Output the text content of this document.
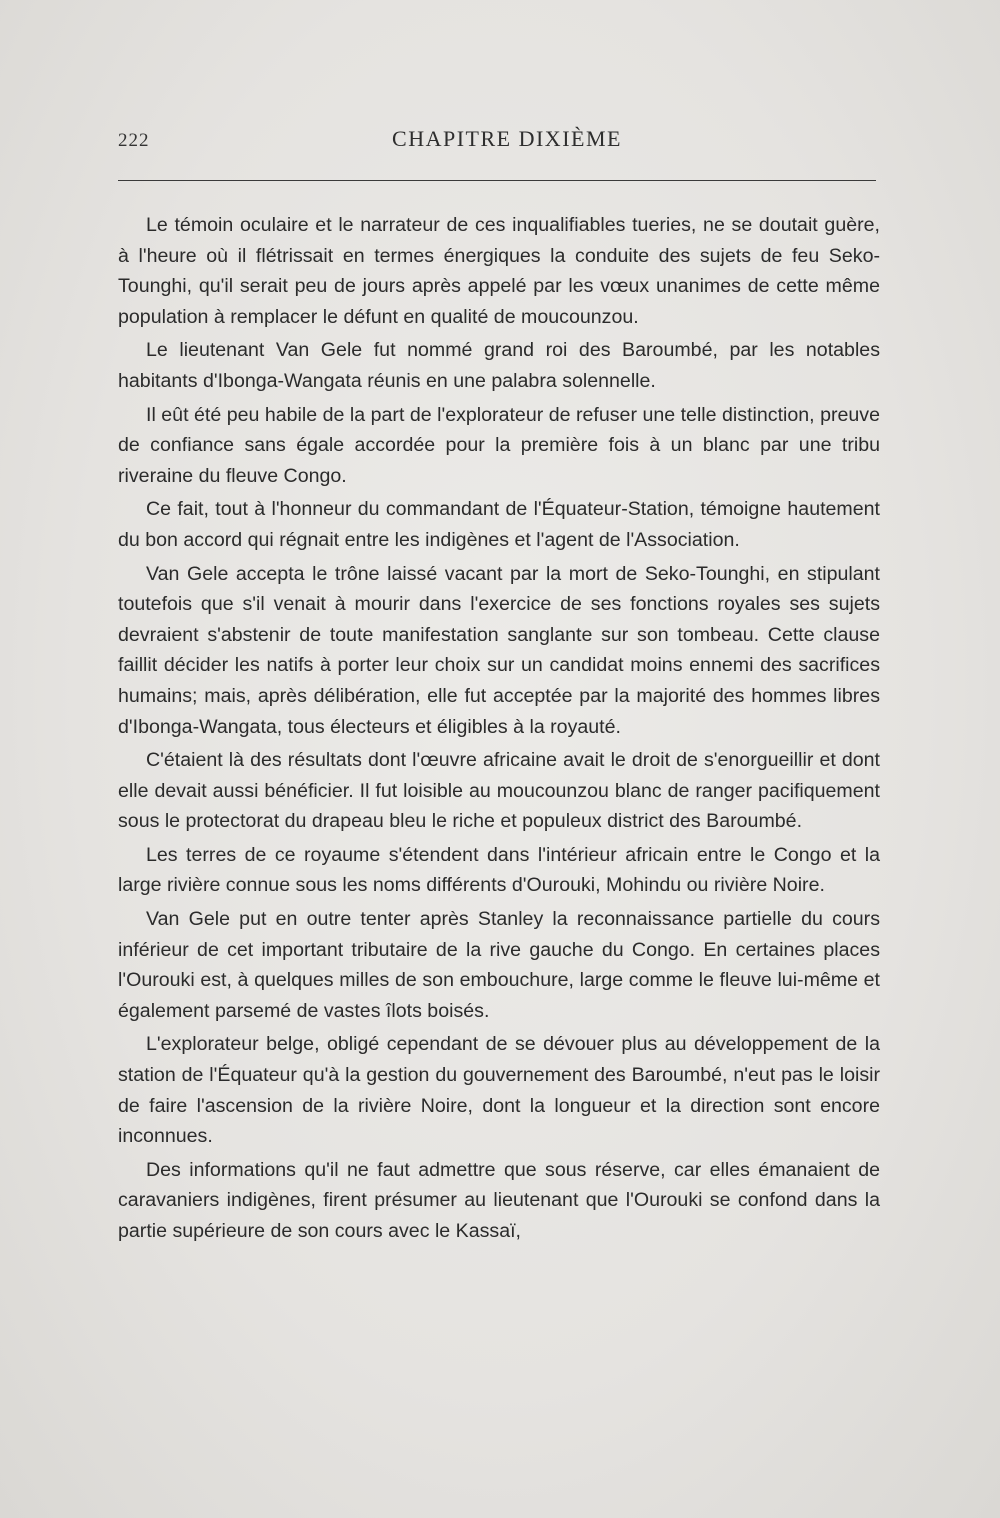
222	CHAPITRE DIXIÈME

Le témoin oculaire et le narrateur de ces inqualifiables tueries, ne se doutait guère, à l'heure où il flétrissait en termes énergiques la conduite des sujets de feu Seko-Tounghi, qu'il serait peu de jours après appelé par les vœux unanimes de cette même population à remplacer le défunt en qualité de moucounzou.

Le lieutenant Van Gele fut nommé grand roi des Baroumbé, par les notables habitants d'Ibonga-Wangata réunis en une palabra solennelle.

Il eût été peu habile de la part de l'explorateur de refuser une telle distinction, preuve de confiance sans égale accordée pour la première fois à un blanc par une tribu riveraine du fleuve Congo.

Ce fait, tout à l'honneur du commandant de l'Équateur-Station, témoigne hautement du bon accord qui régnait entre les indigènes et l'agent de l'Association.

Van Gele accepta le trône laissé vacant par la mort de Seko-Tounghi, en stipulant toutefois que s'il venait à mourir dans l'exercice de ses fonctions royales ses sujets devraient s'abstenir de toute manifestation sanglante sur son tombeau. Cette clause faillit décider les natifs à porter leur choix sur un candidat moins ennemi des sacrifices humains; mais, après délibération, elle fut acceptée par la majorité des hommes libres d'Ibonga-Wangata, tous électeurs et éligibles à la royauté.

C'étaient là des résultats dont l'œuvre africaine avait le droit de s'enorgueillir et dont elle devait aussi bénéficier. Il fut loisible au moucounzou blanc de ranger pacifiquement sous le protectorat du drapeau bleu le riche et populeux district des Baroumbé.

Les terres de ce royaume s'étendent dans l'intérieur africain entre le Congo et la large rivière connue sous les noms différents d'Ourouki, Mohindu ou rivière Noire.

Van Gele put en outre tenter après Stanley la reconnaissance partielle du cours inférieur de cet important tributaire de la rive gauche du Congo. En certaines places l'Ourouki est, à quelques milles de son embouchure, large comme le fleuve lui-même et également parsemé de vastes îlots boisés.

L'explorateur belge, obligé cependant de se dévouer plus au développement de la station de l'Équateur qu'à la gestion du gouvernement des Baroumbé, n'eut pas le loisir de faire l'ascension de la rivière Noire, dont la longueur et la direction sont encore inconnues.

Des informations qu'il ne faut admettre que sous réserve, car elles émanaient de caravaniers indigènes, firent présumer au lieutenant que l'Ourouki se confond dans la partie supérieure de son cours avec le Kassaï,
